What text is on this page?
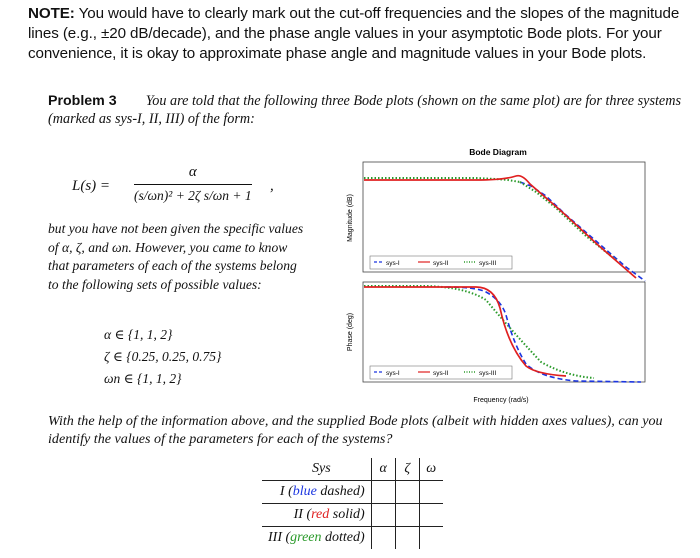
NOTE: You would have to clearly mark out the cut-off frequencies and the slopes of the magnitude lines (e.g., ±20 dB/decade), and the phase angle values in your asymptotic Bode plots. For your convenience, it is okay to approximate phase angle and magnitude values in your Bode plots.
Problem 3 You are told that the following three Bode plots (shown on the same plot) are for three systems (marked as sys-I, II, III) of the form:
$L(s) = \frac{\alpha}{\text{(s/ωn)² + 2ζ s/ωn + 1}}$ ,
but you have not been given the specific values of α, ζ, and ωn. However, you came to know that parameters of each of the systems belong to the following sets of possible values:
α ∈ {1, 1, 2}
ζ ∈ {0.25, 0.25, 0.75}
ωn ∈ {1, 1, 2}
Bode Diagram
Magnitude (dB)
sys-I	sys-II	sys-III
Phase (deg)
sys-I	sys-II	sys-III
Frequency (rad/s)
With the help of the information above, and the supplied Bode plots (albeit with hidden axes values), can you identify the values of the parameters for each of the systems?
Sys	α	ζ	ω
I (blue dashed)			
II (red solid)			
III (green dotted)			
